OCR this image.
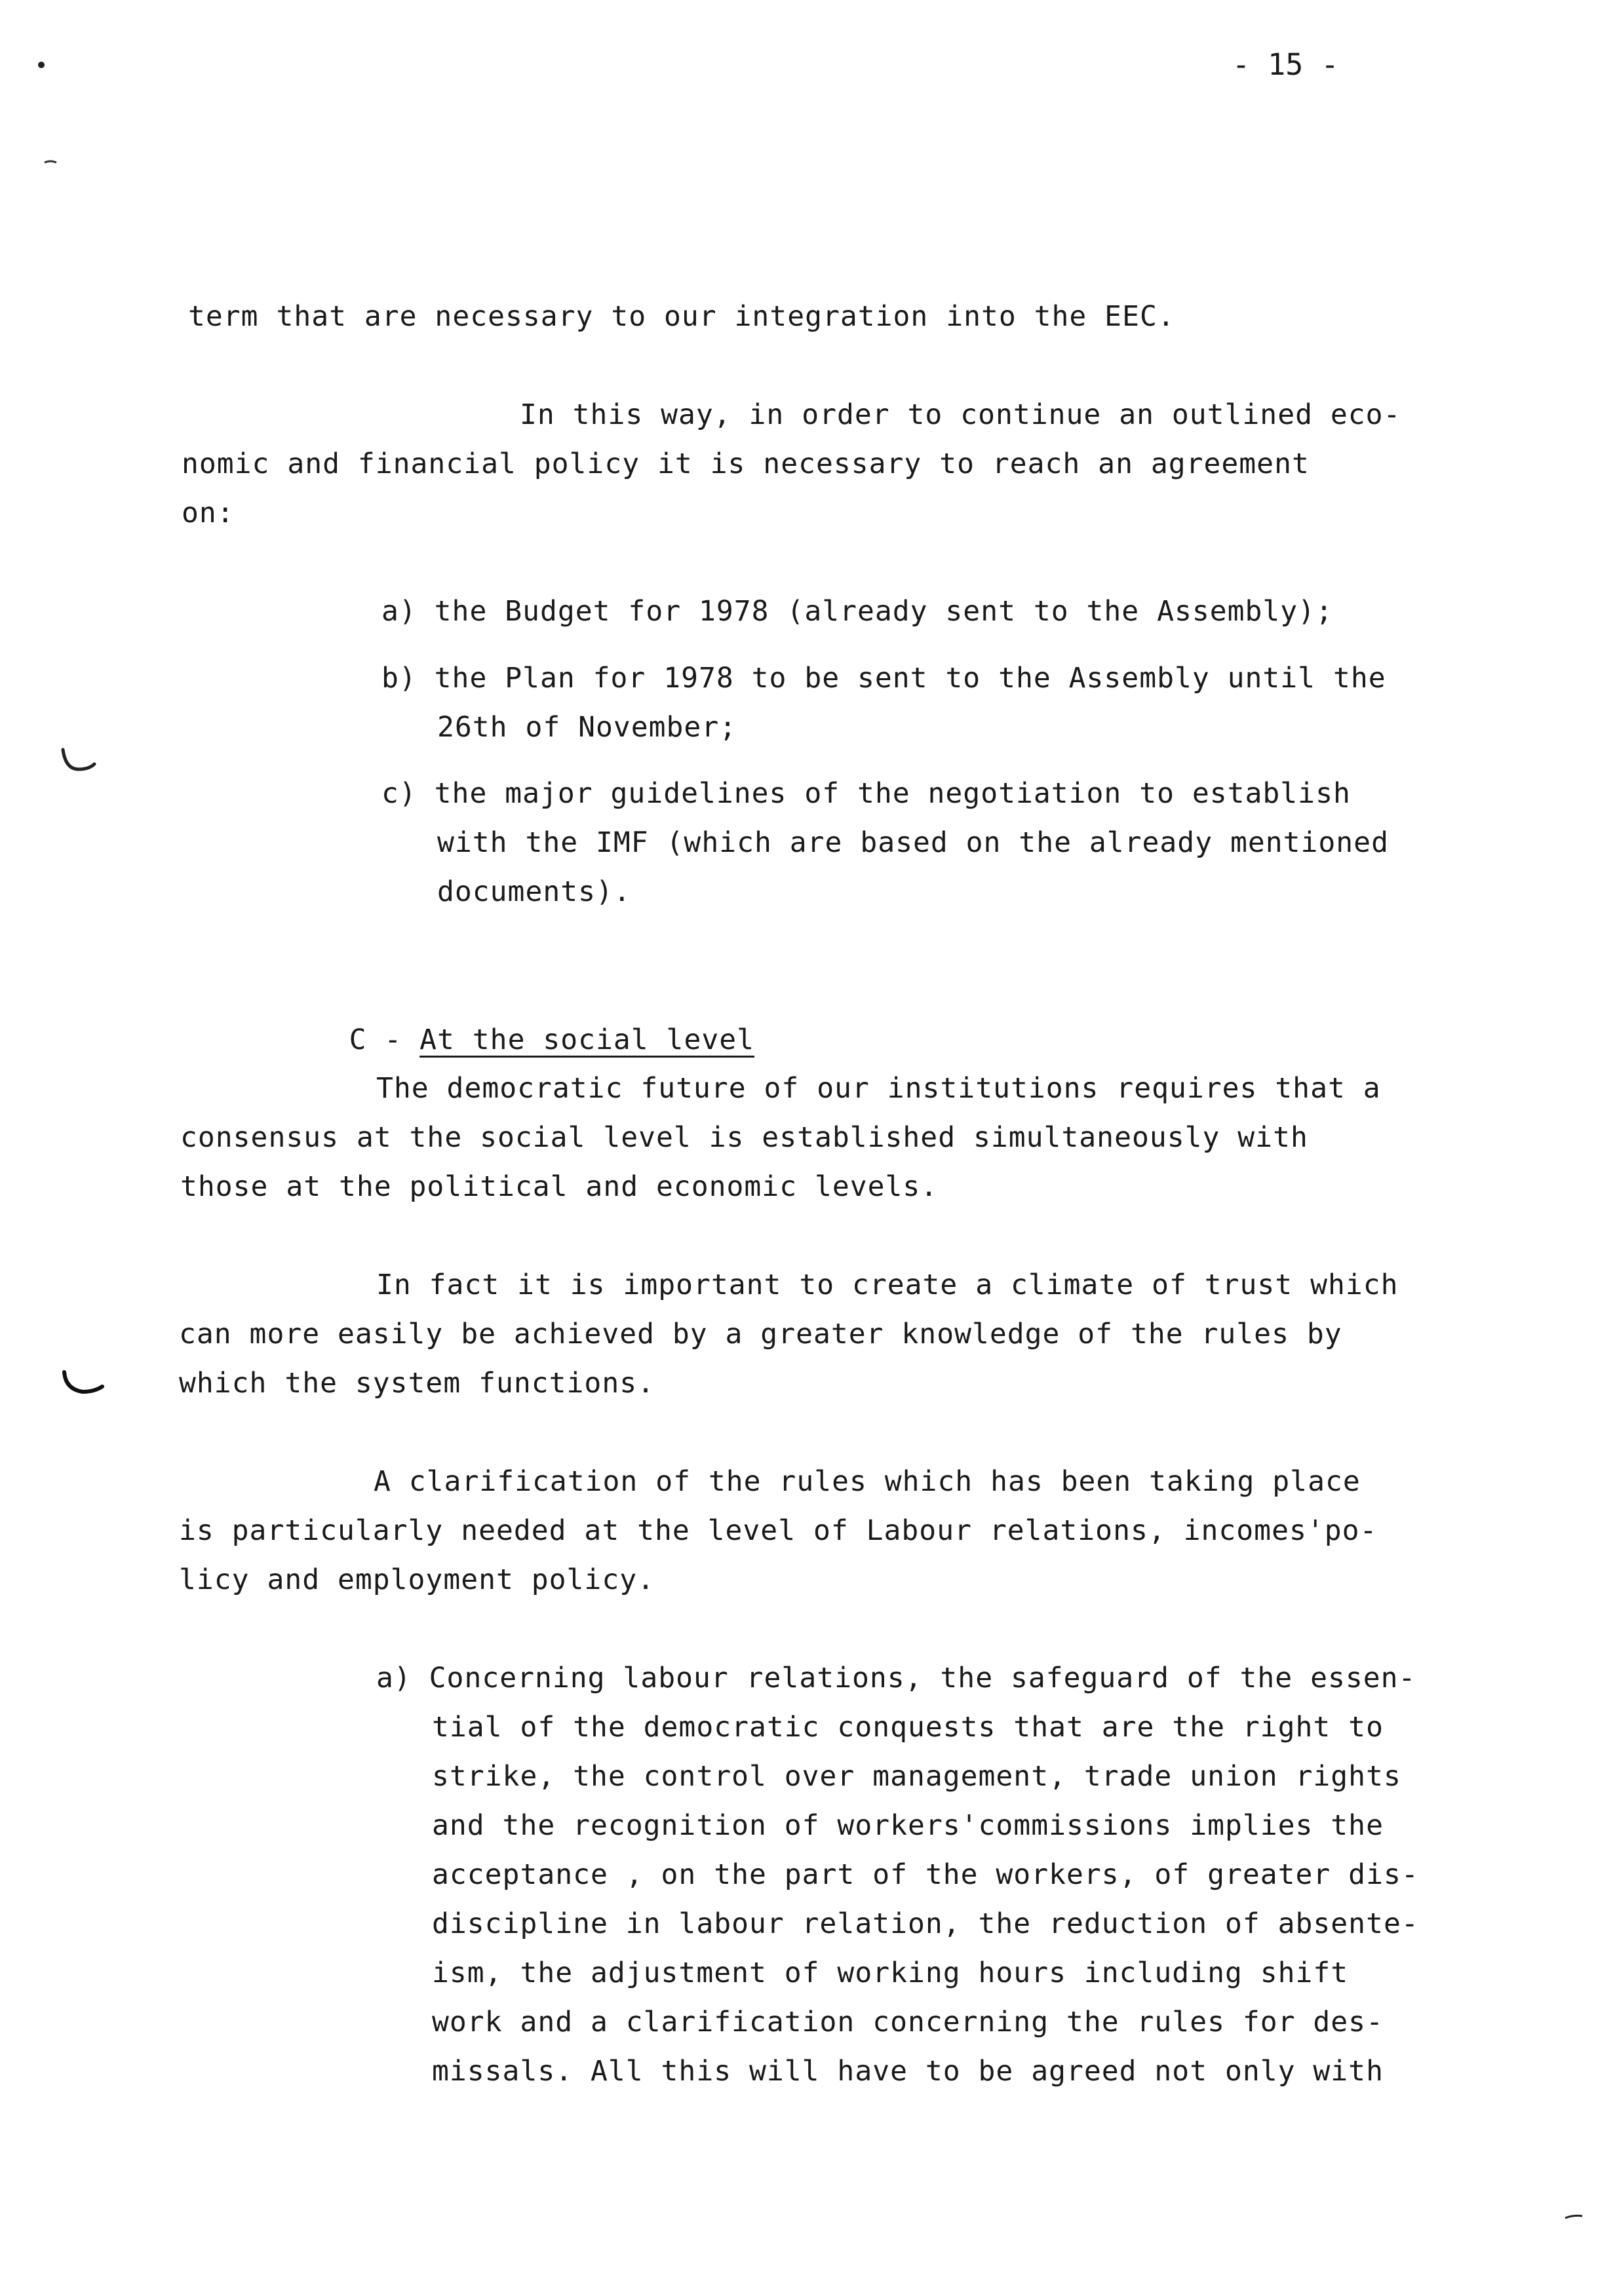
- 15 -
term that are necessary to our integration into the EEC.
In this way, in order to continue an outlined eco-
nomic and financial policy it is necessary to reach an agreement
on:
a) the Budget for 1978 (already sent to the Assembly);
b) the Plan for 1978 to be sent to the Assembly until the
26th of November;
c) the major guidelines of the negotiation to establish
with the IMF (which are based on the already mentioned
documents).

C - At the social level

The democratic future of our institutions requires that a
consensus at the social level is established simultaneously with
those at the political and economic levels.
In fact it is important to create a climate of trust which
can more easily be achieved by a greater knowledge of the rules by
which the system functions.
A clarification of the rules which has been taking place
is particularly needed at the level of Labour relations, incomes'po-
licy and employment policy.
a) Concerning labour relations, the safeguard of the essen-
tial of the democratic conquests that are the right to
strike, the control over management, trade union rights
and the recognition of workers'commissions implies the
acceptance , on the part of the workers, of greater dis-
discipline in labour relation, the reduction of absente-
ism, the adjustment of working hours including shift
work and a clarification concerning the rules for des-
missals. All this will have to be agreed not only with
